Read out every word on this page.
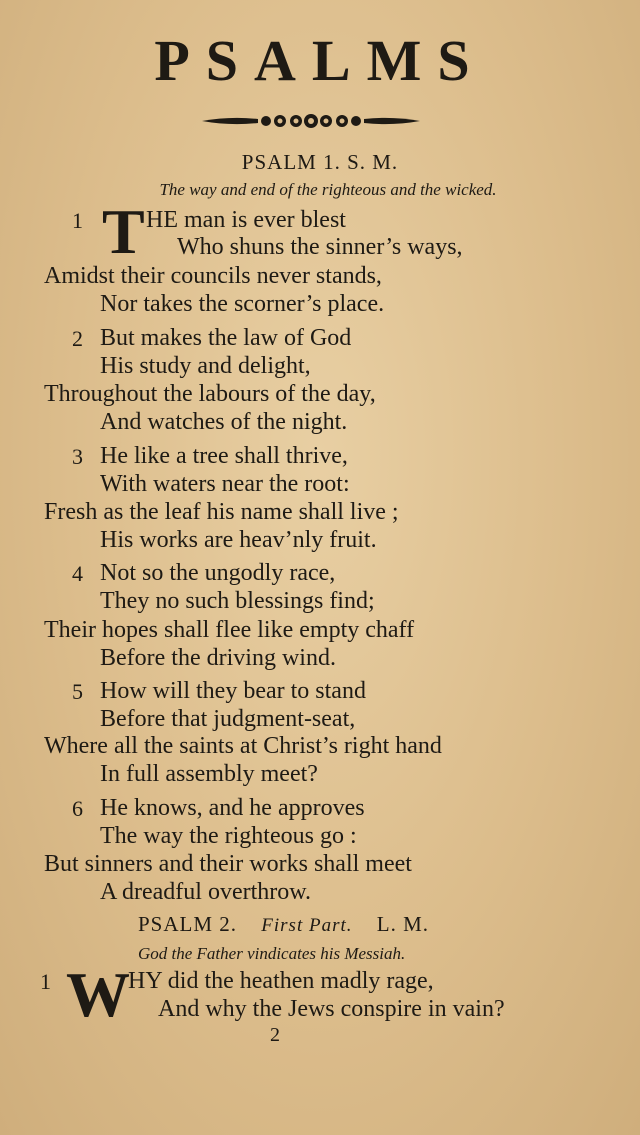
PSALMS
PSALM 1. S. M.
The way and end of the righteous and the wicked.
1 T HE man is ever blest
Who shuns the sinner’s ways,
Amidst their councils never stands,
Nor takes the scorner’s place.
2 But makes the law of God
His study and delight,
Throughout the labours of the day,
And watches of the night.
3 He like a tree shall thrive,
With waters near the root:
Fresh as the leaf his name shall live ;
His works are heav’nly fruit.
4 Not so the ungodly race,
They no such blessings find;
Their hopes shall flee like empty chaff
Before the driving wind.
5 How will they bear to stand
Before that judgment-seat,
Where all the saints at Christ’s right hand
In full assembly meet?
6 He knows, and he approves
The way the righteous go :
But sinners and their works shall meet
A dreadful overthrow.
PSALM 2. First Part. L. M.
God the Father vindicates his Messiah.
1 W
HY did the heathen madly rage,
And why the Jews conspire in vain?
2
